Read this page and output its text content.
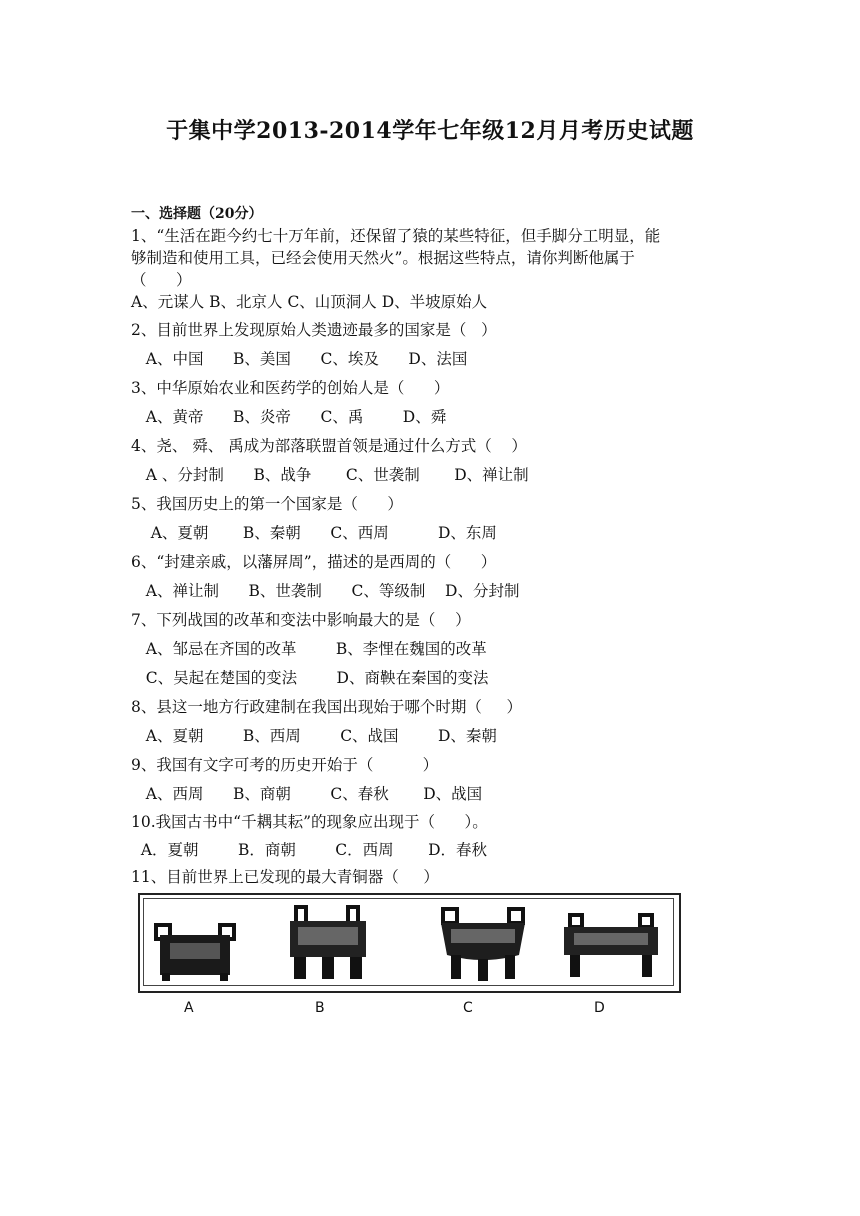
于集中学2013-2014学年七年级12月月考历史试题
一、选择题（20分）
1、“生活在距今约七十万年前，还保留了猿的某些特征，但手脚分工明显，能
够制造和使用工具，已经会使用天然火”。根据这些特点，请你判断他属于
（      ）
A、元谋人 B、北京人 C、山顶洞人 D、半坡原始人
2、目前世界上发现原始人类遗迹最多的国家是（   ）
A、中国      B、美国      C、埃及      D、法国
3、中华原始农业和医药学的创始人是（      ）
A、黄帝      B、炎帝      C、禹        D、舜
4、尧、 舜、 禹成为部落联盟首领是通过什么方式（    ）
A 、分封制      B、战争       C、世袭制       D、禅让制
5、我国历史上的第一个国家是（      ）
A、夏朝       B、秦朝      C、西周          D、东周
6、“封建亲戚，以藩屏周”，描述的是西周的（      ）
A、禅让制      B、世袭制      C、等级制    D、分封制
7、下列战国的改革和变法中影响最大的是（    ）
A、邹忌在齐国的改革        B、李悝在魏国的改革
C、吴起在楚国的变法        D、商鞅在秦国的变法
8、县这一地方行政建制在我国出现始于哪个时期（     ）
A、夏朝        B、西周        C、战国        D、秦朝
9、我国有文字可考的历史开始于（          ）
A、西周      B、商朝        C、春秋       D、战国
10.我国古书中“千耦其耘”的现象应出现于（      ）。
A．夏朝        B．商朝        C．西周       D．春秋
11、目前世界上已发现的最大青铜器（     ）
A	B	C	D
